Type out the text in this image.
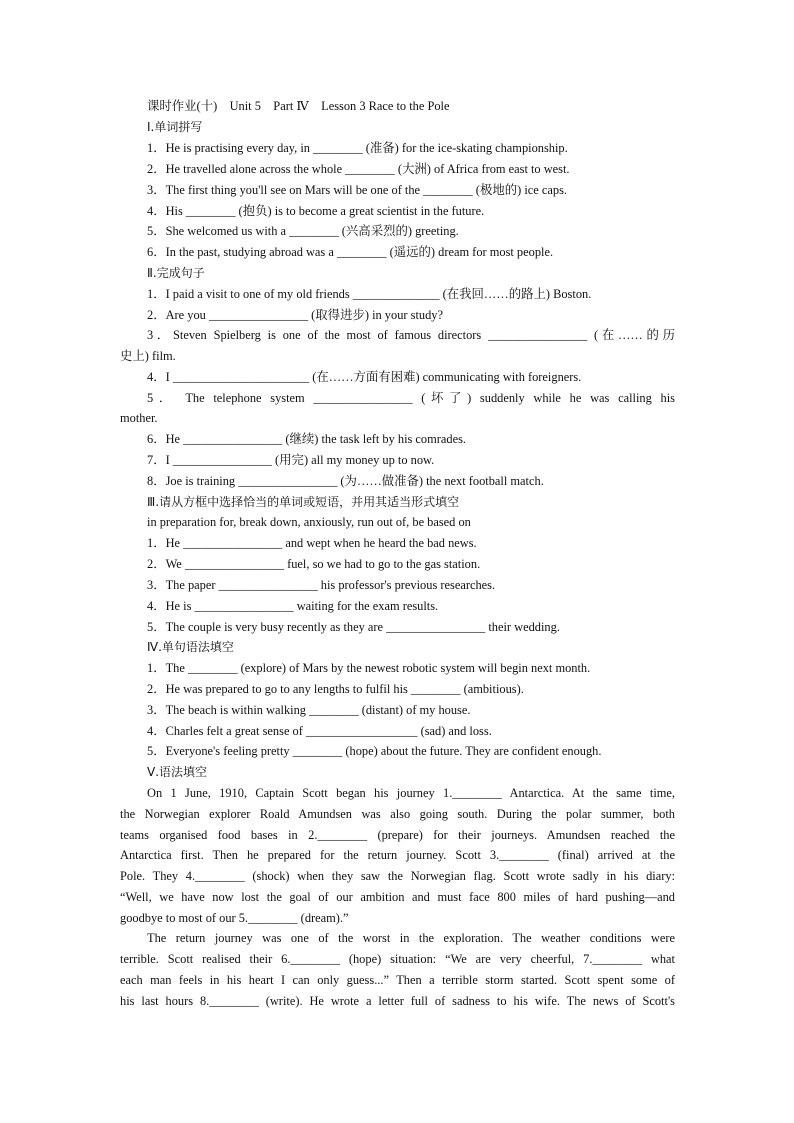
课时作业(十)　Unit 5　Part Ⅳ　Lesson 3 Race to the Pole
Ⅰ.单词拼写
1．He is practising every day, in ________ (准备) for the ice-skating championship.
2．He travelled alone across the whole ________ (大洲) of Africa from east to west.
3．The first thing you'll see on Mars will be one of the ________ (极地的) ice caps.
4．His ________ (抱负) is to become a great scientist in the future.
5．She welcomed us with a ________ (兴高采烈的) greeting.
6．In the past, studying abroad was a ________ (遥远的) dream for most people.
Ⅱ.完成句子
1．I paid a visit to one of my old friends ______________ (在我回……的路上) Boston.
2．Are you ________________ (取得进步) in your study?
3．Steven Spielberg is one of the most of famous directors ________________ (在……的历
史上) film.
4．I ______________________ (在……方面有困难) communicating with foreigners.
5． The telephone system ________________ (坏了) suddenly while he was calling his
mother.
6．He ________________ (继续) the task left by his comrades.
7．I ________________ (用完) all my money up to now.
8．Joe is training ________________ (为……做准备) the next football match.
Ⅲ.请从方框中选择恰当的单词或短语，并用其适当形式填空
in preparation for, break down, anxiously, run out of, be based on
1．He ________________ and wept when he heard the bad news.
2．We ________________ fuel, so we had to go to the gas station.
3．The paper ________________ his professor's previous researches.
4．He is ________________ waiting for the exam results.
5．The couple is very busy recently as they are ________________ their wedding.
Ⅳ.单句语法填空
1．The ________ (explore) of Mars by the newest robotic system will begin next month.
2．He was prepared to go to any lengths to fulfil his ________ (ambitious).
3．The beach is within walking ________ (distant) of my house.
4．Charles felt a great sense of __________________ (sad) and loss.
5．Everyone's feeling pretty ________ (hope) about the future. They are confident enough.
Ⅴ.语法填空
On 1 June, 1910, Captain Scott began his journey 1.________ Antarctica. At the same time,
the Norwegian explorer Roald Amundsen was also going south. During the polar summer, both
teams organised food bases in 2.________ (prepare) for their journeys. Amundsen reached the
Antarctica first. Then he prepared for the return journey. Scott 3.________ (final) arrived at the
Pole. They 4.________ (shock) when they saw the Norwegian flag. Scott wrote sadly in his diary:
“Well, we have now lost the goal of our ambition and must face 800 miles of hard pushing—and
goodbye to most of our 5.________ (dream).”
The return journey was one of the worst in the exploration. The weather conditions were
terrible. Scott realised their 6.________ (hope) situation: “We are very cheerful, 7.________ what
each man feels in his heart I can only guess...” Then a terrible storm started. Scott spent some of
his last hours 8.________ (write). He wrote a letter full of sadness to his wife. The news of Scott's
